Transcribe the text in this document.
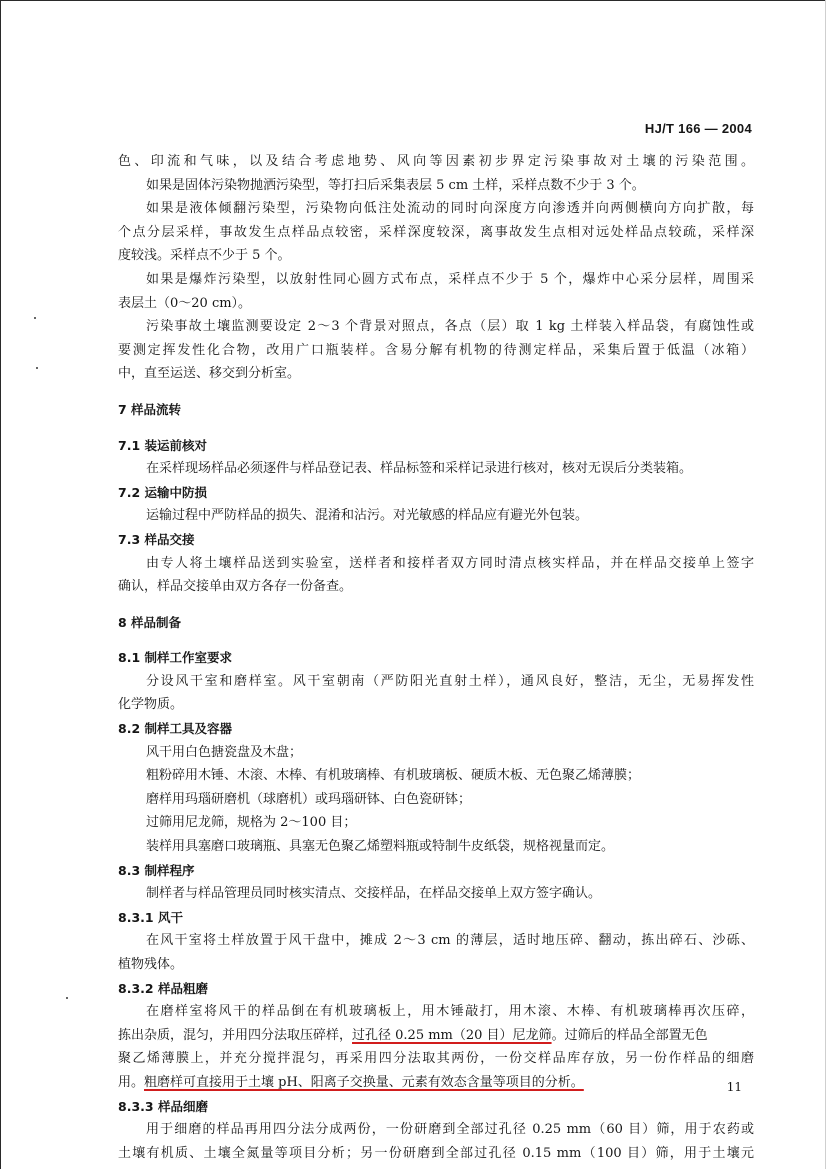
HJ/T 166 — 2004
色、印流和气味，以及结合考虑地势、风向等因素初步界定污染事故对土壤的污染范围。
如果是固体污染物抛洒污染型，等打扫后采集表层 5 cm 土样，采样点数不少于 3 个。
如果是液体倾翻污染型，污染物向低注处流动的同时向深度方向渗透并向两侧横向方向扩散，每
个点分层采样，事故发生点样品点较密，采样深度较深，离事故发生点相对远处样品点较疏，采样深
度较浅。采样点不少于 5 个。
如果是爆炸污染型，以放射性同心圆方式布点，采样点不少于 5 个，爆炸中心采分层样，周围采
表层土（0～20 cm）。
污染事故土壤监测要设定 2～3 个背景对照点，各点（层）取 1 kg 土样装入样品袋，有腐蚀性或
要测定挥发性化合物，改用广口瓶装样。含易分解有机物的待测定样品，采集后置于低温（冰箱）
中，直至运送、移交到分析室。
7 样品流转
7.1 装运前核对
在采样现场样品必须逐件与样品登记表、样品标签和采样记录进行核对，核对无误后分类装箱。
7.2 运输中防损
运输过程中严防样品的损失、混淆和沾污。对光敏感的样品应有避光外包装。
7.3 样品交接
由专人将土壤样品送到实验室，送样者和接样者双方同时清点核实样品，并在样品交接单上签字
确认，样品交接单由双方各存一份备查。
8 样品制备
8.1 制样工作室要求
分设风干室和磨样室。风干室朝南（严防阳光直射土样），通风良好，整洁，无尘，无易挥发性
化学物质。
8.2 制样工具及容器
风干用白色搪瓷盘及木盘；
粗粉碎用木锤、木滚、木棒、有机玻璃棒、有机玻璃板、硬质木板、无色聚乙烯薄膜；
磨样用玛瑙研磨机（球磨机）或玛瑙研钵、白色瓷研钵；
过筛用尼龙筛，规格为 2～100 目；
装样用具塞磨口玻璃瓶、具塞无色聚乙烯塑料瓶或特制牛皮纸袋，规格视量而定。
8.3 制样程序
制样者与样品管理员同时核实清点、交接样品，在样品交接单上双方签字确认。
8.3.1 风干
在风干室将土样放置于风干盘中，摊成 2～3 cm 的薄层，适时地压碎、翻动，拣出碎石、沙砾、
植物残体。
8.3.2 样品粗磨
在磨样室将风干的样品倒在有机玻璃板上，用木锤敲打，用木滚、木棒、有机玻璃棒再次压碎，
拣出杂质，混匀，并用四分法取压碎样，过孔径 0.25 mm（20 目）尼龙筛。过筛后的样品全部置无色
聚乙烯薄膜上，并充分搅拌混匀，再采用四分法取其两份，一份交样品库存放，另一份作样品的细磨
用。粗磨样可直接用于土壤 pH、阳离子交换量、元素有效态含量等项目的分析。
8.3.3 样品细磨
用于细磨的样品再用四分法分成两份，一份研磨到全部过孔径 0.25 mm（60 目）筛，用于农药或
土壤有机质、土壤全氮量等项目分析；另一份研磨到全部过孔径 0.15 mm（100 目）筛，用于土壤元
11
